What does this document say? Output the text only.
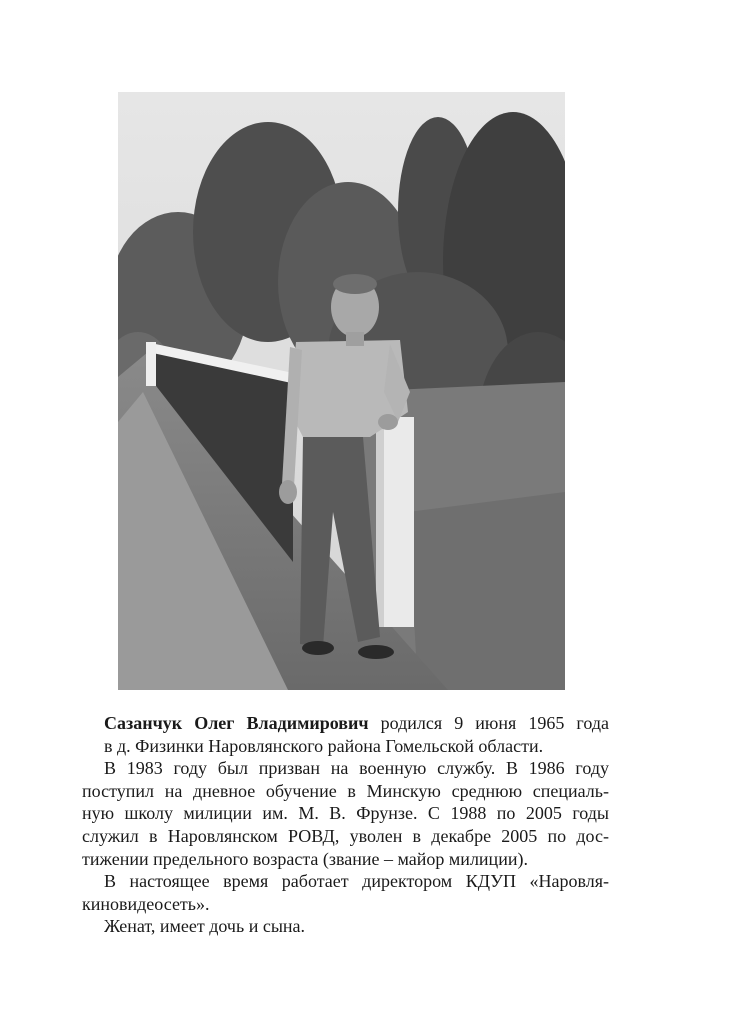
Сазанчук Олег Владимирович родился 9 июня 1965 года
в д. Физинки Наровлянского района Гомельской области.
В 1983 году был призван на военную службу. В 1986 году
поступил на дневное обучение в Минскую среднюю специаль-
ную школу милиции им. М. В. Фрунзе. С 1988 по 2005 годы
служил в Наровлянском РОВД, уволен в декабре 2005 по дос-
тижении предельного возраста (звание – майор милиции).
В настоящее время работает директором КДУП «Наровля-
киновидеосеть».
Женат, имеет дочь и сына.
